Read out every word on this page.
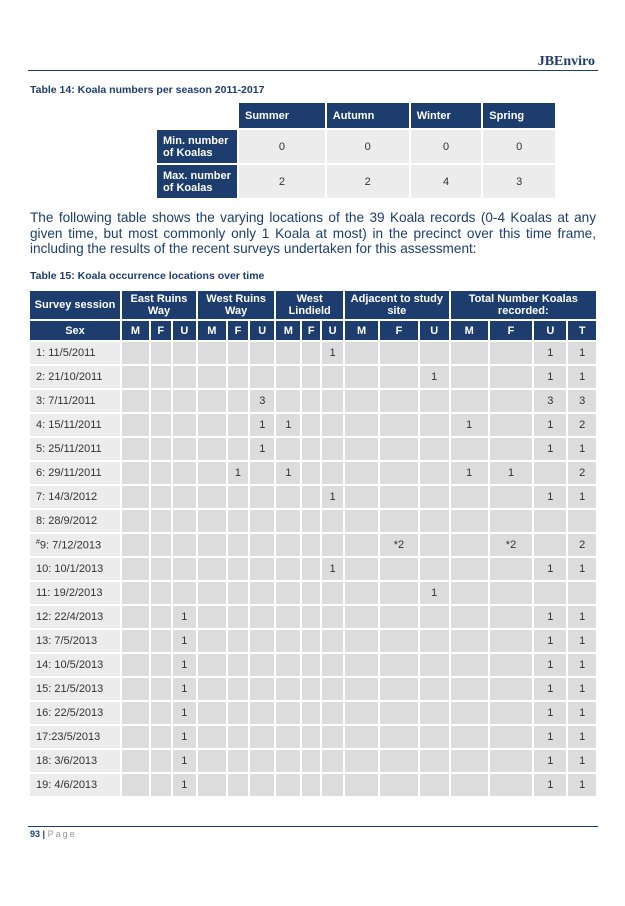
JBEnviro
Table 14: Koala numbers per season 2011-2017
	Summer	Autumn	Winter	Spring
Min. number of Koalas	0	0	0	0
Max. number of Koalas	2	2	4	3
The following table shows the varying locations of the 39 Koala records (0-4 Koalas at any given time, but most commonly only 1 Koala at most) in the precinct over this time frame, including the results of the recent surveys undertaken for this assessment:
Table 15: Koala occurrence locations over time
Survey session	East Ruins Way			West Ruins Way			West Lindield			Adjacent to study site			Total Number Koalas recorded:			
Sex	M	F	U	M	F	U	M	F	U	M	F	U	M	F	U	T
1: 11/5/2011									1						1	1
2: 21/10/2011												1			1	1
3: 7/11/2011						3									3	3
4: 15/11/2011						1	1						1		1	2
5: 25/11/2011						1									1	1
6: 29/11/2011					1		1						1	1		2
7: 14/3/2012									1						1	1
8: 28/9/2012																
#9: 7/12/2013											*2			*2		2
10: 10/1/2013									1						1	1
11: 19/2/2013												1				
12: 22/4/2013			1												1	1
13: 7/5/2013			1												1	1
14: 10/5/2013			1												1	1
15: 21/5/2013			1												1	1
16: 22/5/2013			1												1	1
17:23/5/2013			1												1	1
18: 3/6/2013			1												1	1
19: 4/6/2013			1												1	1
93 | Page
